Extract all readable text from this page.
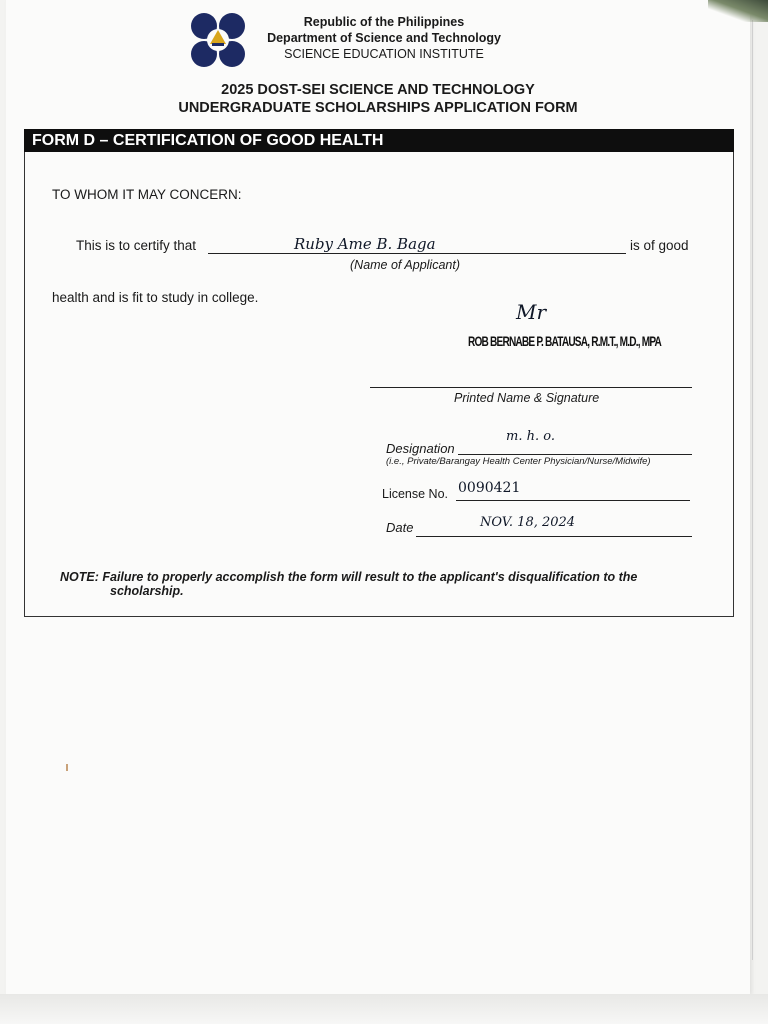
Republic of the Philippines
Department of Science and Technology
SCIENCE EDUCATION INSTITUTE
2025 DOST-SEI SCIENCE AND TECHNOLOGY
UNDERGRADUATE SCHOLARSHIPS APPLICATION FORM
FORM D – CERTIFICATION OF GOOD HEALTH
TO WHOM IT MAY CONCERN:
This is to certify that	Ruby Ame B. Baga	is of good
(Name of Applicant)
health and is fit to study in college.
Mr
ROB BERNABE P. BATAUSA, R.M.T., M.D., MPA
Printed Name & Signature
Designation
m. h. o.
(i.e., Private/Barangay Health Center Physician/Nurse/Midwife)
License No. 0090421
Date	NOV. 18, 2024
NOTE: Failure to properly accomplish the form will result to the applicant's disqualification to the
scholarship.
